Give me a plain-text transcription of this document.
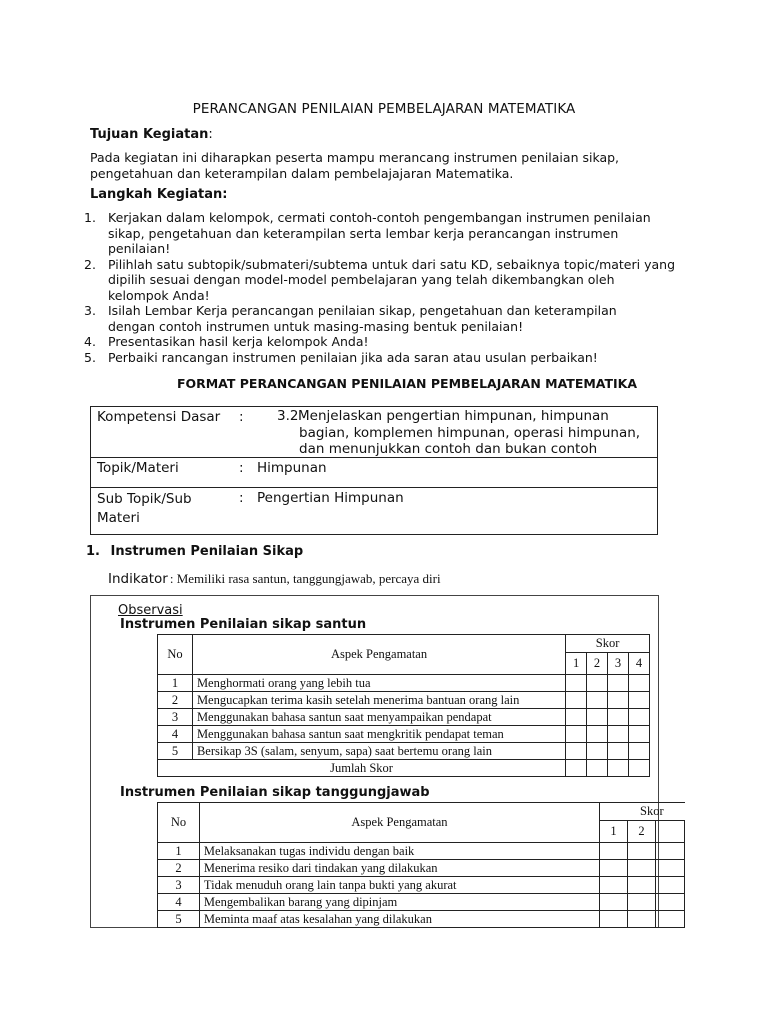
PERANCANGAN PENILAIAN PEMBELAJARAN MATEMATIKA
Tujuan Kegiatan:
Pada kegiatan ini diharapkan peserta mampu merancang instrumen penilaian sikap,
pengetahuan dan keterampilan dalam pembelajajaran Matematika.
Langkah Kegiatan:
1. Kerjakan dalam kelompok, cermati contoh-contoh pengembangan instrumen penilaian
sikap, pengetahuan dan keterampilan serta lembar kerja perancangan instrumen
penilaian!
2. Pilihlah satu subtopik/submateri/subtema untuk dari satu KD, sebaiknya topic/materi yang
dipilih sesuai dengan model-model pembelajaran yang telah dikembangkan oleh
kelompok Anda!
3. Isilah Lembar Kerja perancangan penilaian sikap, pengetahuan dan keterampilan
dengan contoh instrumen untuk masing-masing bentuk penilaian!
4. Presentasikan hasil kerja kelompok Anda!
5. Perbaiki rancangan instrumen penilaian jika ada saran atau usulan perbaikan!
FORMAT PERANCANGAN PENILAIAN PEMBELAJARAN MATEMATIKA
Kompetensi Dasar : 3.2 Menjelaskan pengertian himpunan, himpunan
bagian, komplemen himpunan, operasi himpunan,
dan menunjukkan contoh dan bukan contoh
Topik/Materi	: Himpunan
Sub Topik/Sub
Materi
: Pengertian Himpunan
1. Instrumen Penilaian Sikap
Indikator : Memiliki rasa santun, tanggungjawab, percaya diri
Observasi
Instrumen Penilaian sikap santun
No	Aspek Pengamatan	Skor			
		1	2	3	4
1	Menghormati orang yang lebih tua				
2	Mengucapkan terima kasih setelah menerima bantuan orang lain				
3	Menggunakan bahasa santun saat menyampaikan pendapat				
4	Menggunakan bahasa santun saat mengkritik pendapat teman				
5	Bersikap 3S (salam, senyum, sapa) saat bertemu orang lain				
Jumlah Skor					
Instrumen Penilaian sikap tanggungjawab
No	Aspek Pengamatan	Skor		
		1	2	
1	Melaksanakan tugas individu dengan baik			
2	Menerima resiko dari tindakan yang dilakukan			
3	Tidak menuduh orang lain tanpa bukti yang akurat			
4	Mengembalikan barang yang dipinjam			
5	Meminta maaf atas kesalahan yang dilakukan			
